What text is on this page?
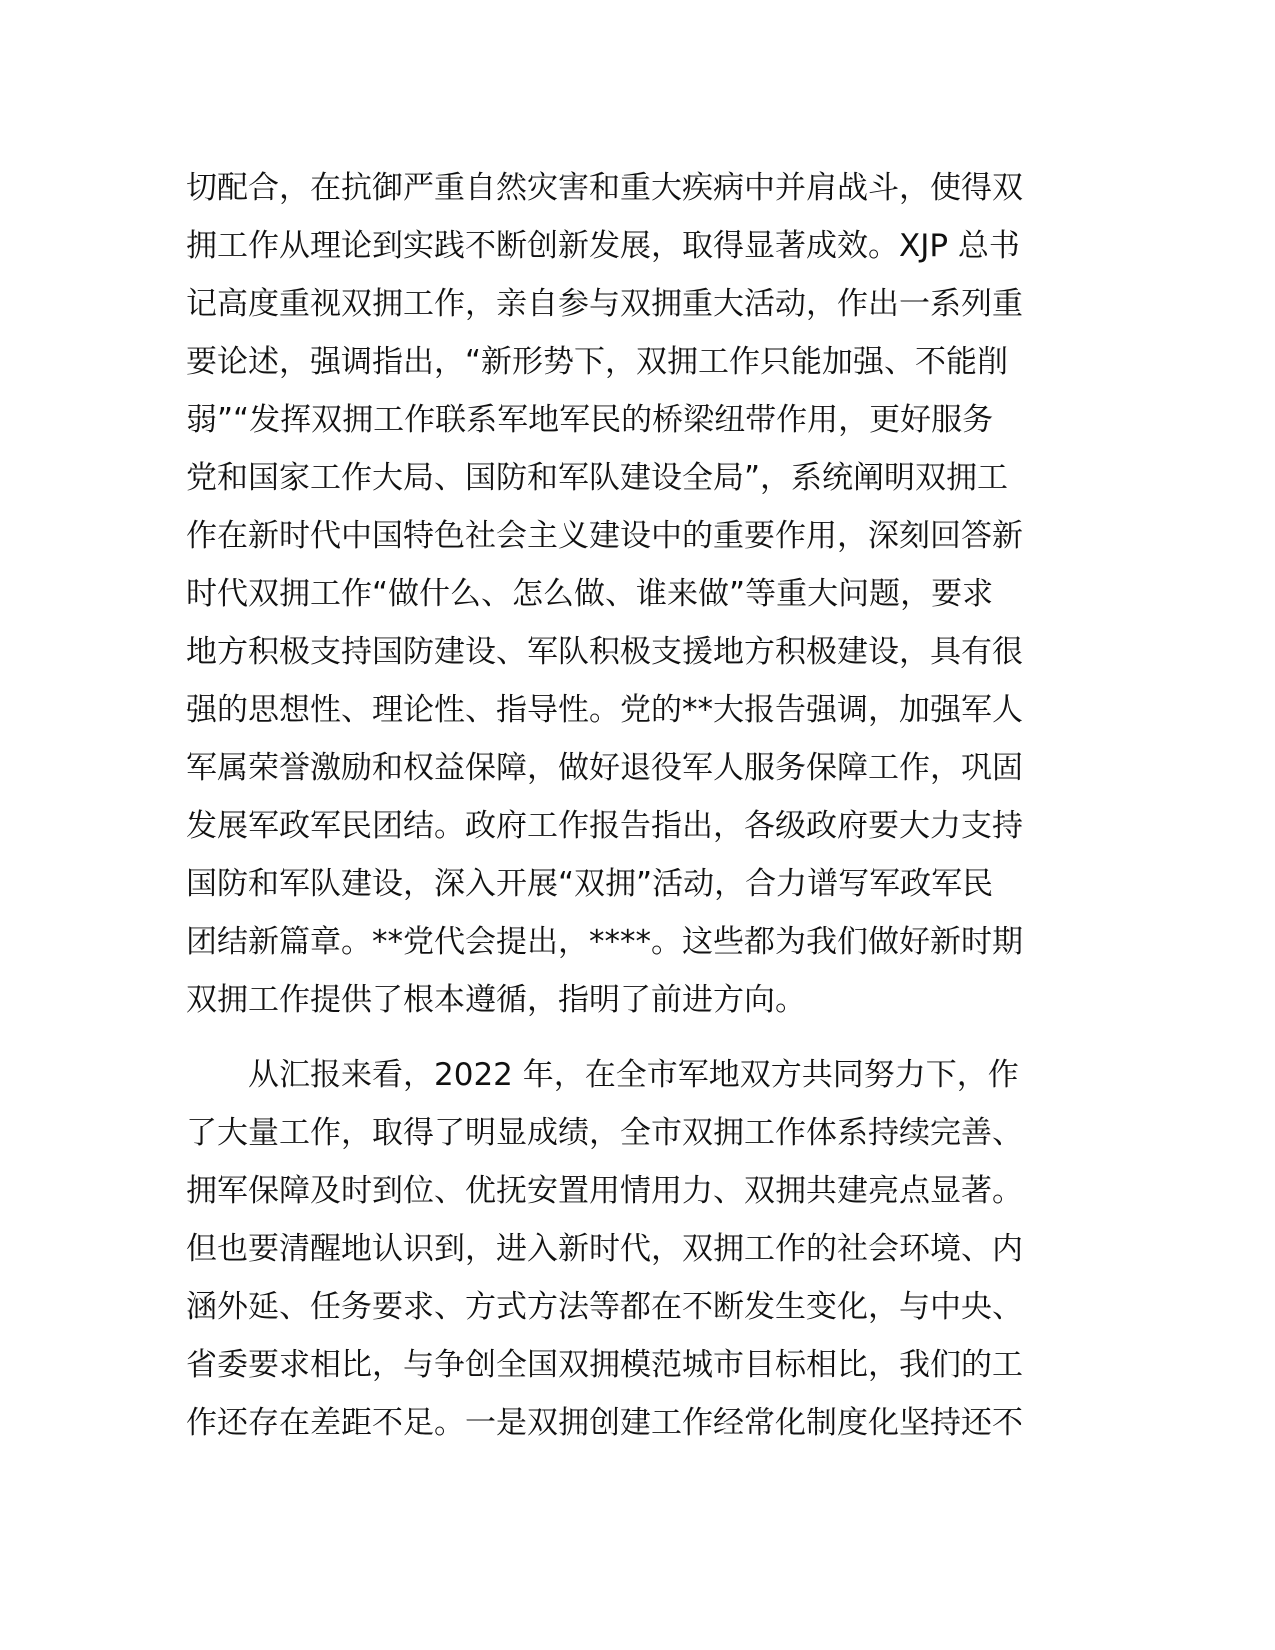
切配合，在抗御严重自然灾害和重大疾病中并肩战斗，使得双
拥工作从理论到实践不断创新发展，取得显著成效。XJP 总书
记高度重视双拥工作，亲自参与双拥重大活动，作出一系列重
要论述，强调指出，“新形势下，双拥工作只能加强、不能削
弱”“发挥双拥工作联系军地军民的桥梁纽带作用，更好服务
党和国家工作大局、国防和军队建设全局”，系统阐明双拥工
作在新时代中国特色社会主义建设中的重要作用，深刻回答新
时代双拥工作“做什么、怎么做、谁来做”等重大问题，要求
地方积极支持国防建设、军队积极支援地方积极建设，具有很
强的思想性、理论性、指导性。党的**大报告强调，加强军人
军属荣誉激励和权益保障，做好退役军人服务保障工作，巩固
发展军政军民团结。政府工作报告指出，各级政府要大力支持
国防和军队建设，深入开展“双拥”活动，合力谱写军政军民
团结新篇章。**党代会提出，****。这些都为我们做好新时期
双拥工作提供了根本遵循，指明了前进方向。
　　从汇报来看，2022 年，在全市军地双方共同努力下，作
了大量工作，取得了明显成绩，全市双拥工作体系持续完善、
拥军保障及时到位、优抚安置用情用力、双拥共建亮点显著。
但也要清醒地认识到，进入新时代，双拥工作的社会环境、内
涵外延、任务要求、方式方法等都在不断发生变化，与中央、
省委要求相比，与争创全国双拥模范城市目标相比，我们的工
作还存在差距不足。一是双拥创建工作经常化制度化坚持还不
